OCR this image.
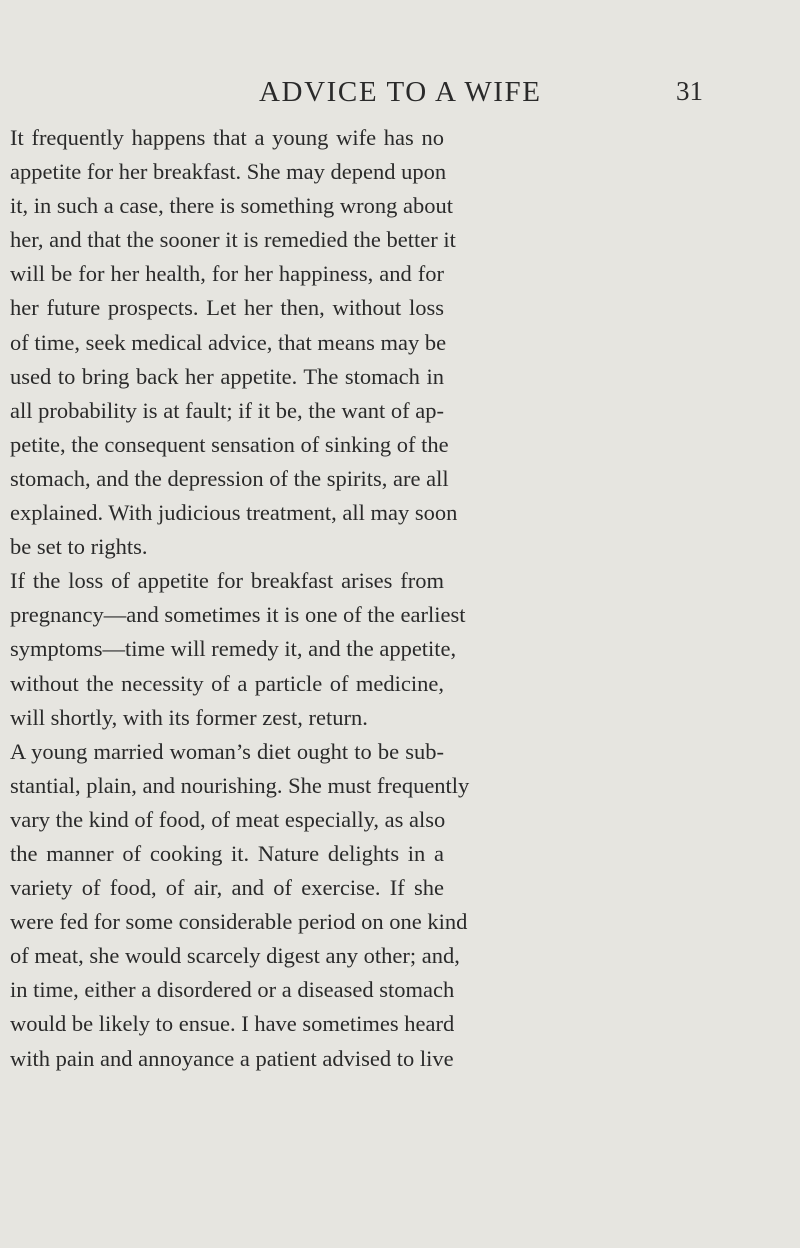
ADVICE TO A WIFE	31
It frequently happens that a young wife has no
appetite for her breakfast. She may depend upon
it, in such a case, there is something wrong about
her, and that the sooner it is remedied the better it
will be for her health, for her happiness, and for
her future prospects. Let her then, without loss
of time, seek medical advice, that means may be
used to bring back her appetite. The stomach in
all probability is at fault; if it be, the want of ap-
petite, the consequent sensation of sinking of the
stomach, and the depression of the spirits, are all
explained. With judicious treatment, all may soon
be set to rights.
If the loss of appetite for breakfast arises from
pregnancy—and sometimes it is one of the earliest
symptoms—time will remedy it, and the appetite,
without the necessity of a particle of medicine,
will shortly, with its former zest, return.
A young married woman’s diet ought to be sub-
stantial, plain, and nourishing. She must frequently
vary the kind of food, of meat especially, as also
the manner of cooking it. Nature delights in a
variety of food, of air, and of exercise. If she
were fed for some considerable period on one kind
of meat, she would scarcely digest any other; and,
in time, either a disordered or a diseased stomach
would be likely to ensue. I have sometimes heard
with pain and annoyance a patient advised to live
